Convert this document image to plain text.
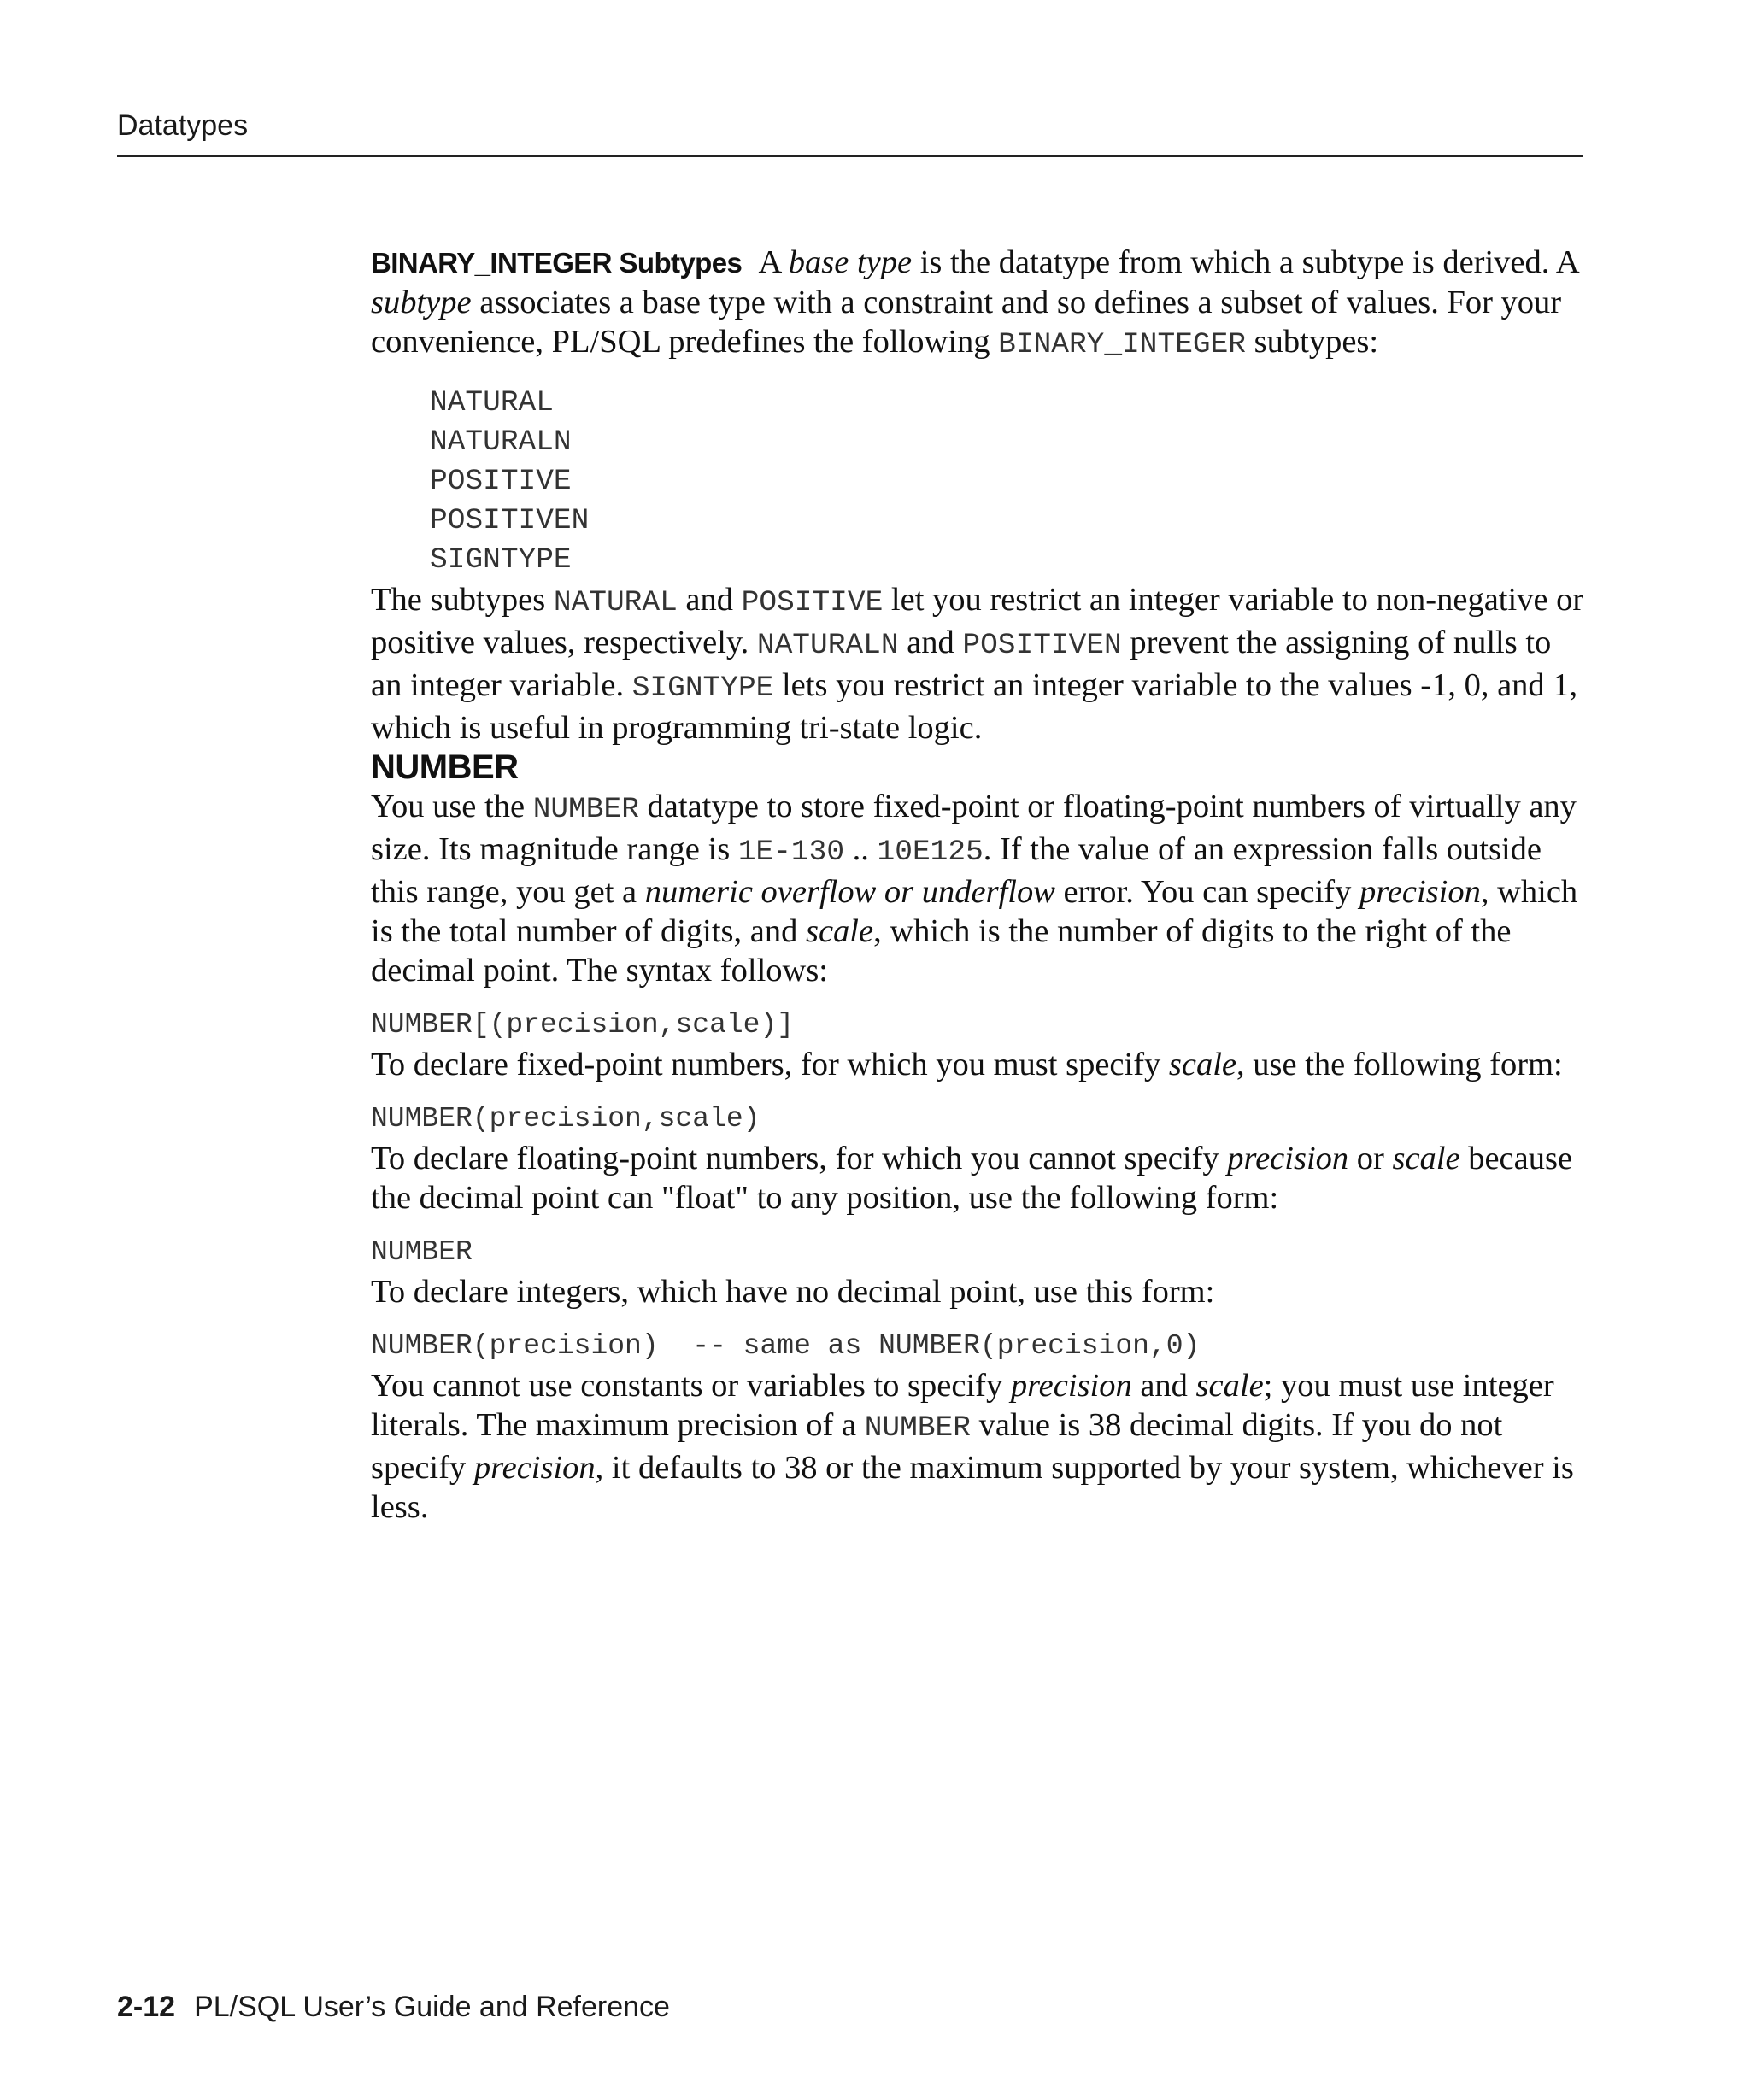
Datatypes

BINARY_INTEGER Subtypes A base type is the datatype from which a subtype is derived. A subtype associates a base type with a constraint and so defines a subset of values. For your convenience, PL/SQL predefines the following BINARY_INTEGER subtypes:

NATURAL
NATURALN
POSITIVE
POSITIVEN
SIGNTYPE

The subtypes NATURAL and POSITIVE let you restrict an integer variable to non-negative or positive values, respectively. NATURALN and POSITIVEN prevent the assigning of nulls to an integer variable. SIGNTYPE lets you restrict an integer variable to the values -1, 0, and 1, which is useful in programming tri-state logic.

NUMBER

You use the NUMBER datatype to store fixed-point or floating-point numbers of virtually any size. Its magnitude range is 1E-130 .. 10E125. If the value of an expression falls outside this range, you get a numeric overflow or underflow error. You can specify precision, which is the total number of digits, and scale, which is the number of digits to the right of the decimal point. The syntax follows:

NUMBER[(precision,scale)]

To declare fixed-point numbers, for which you must specify scale, use the following form:

NUMBER(precision,scale)

To declare floating-point numbers, for which you cannot specify precision or scale because the decimal point can "float" to any position, use the following form:

NUMBER

To declare integers, which have no decimal point, use this form:

NUMBER(precision)  -- same as NUMBER(precision,0)

You cannot use constants or variables to specify precision and scale; you must use integer literals. The maximum precision of a NUMBER value is 38 decimal digits. If you do not specify precision, it defaults to 38 or the maximum supported by your system, whichever is less.

2-12 PL/SQL User’s Guide and Reference
